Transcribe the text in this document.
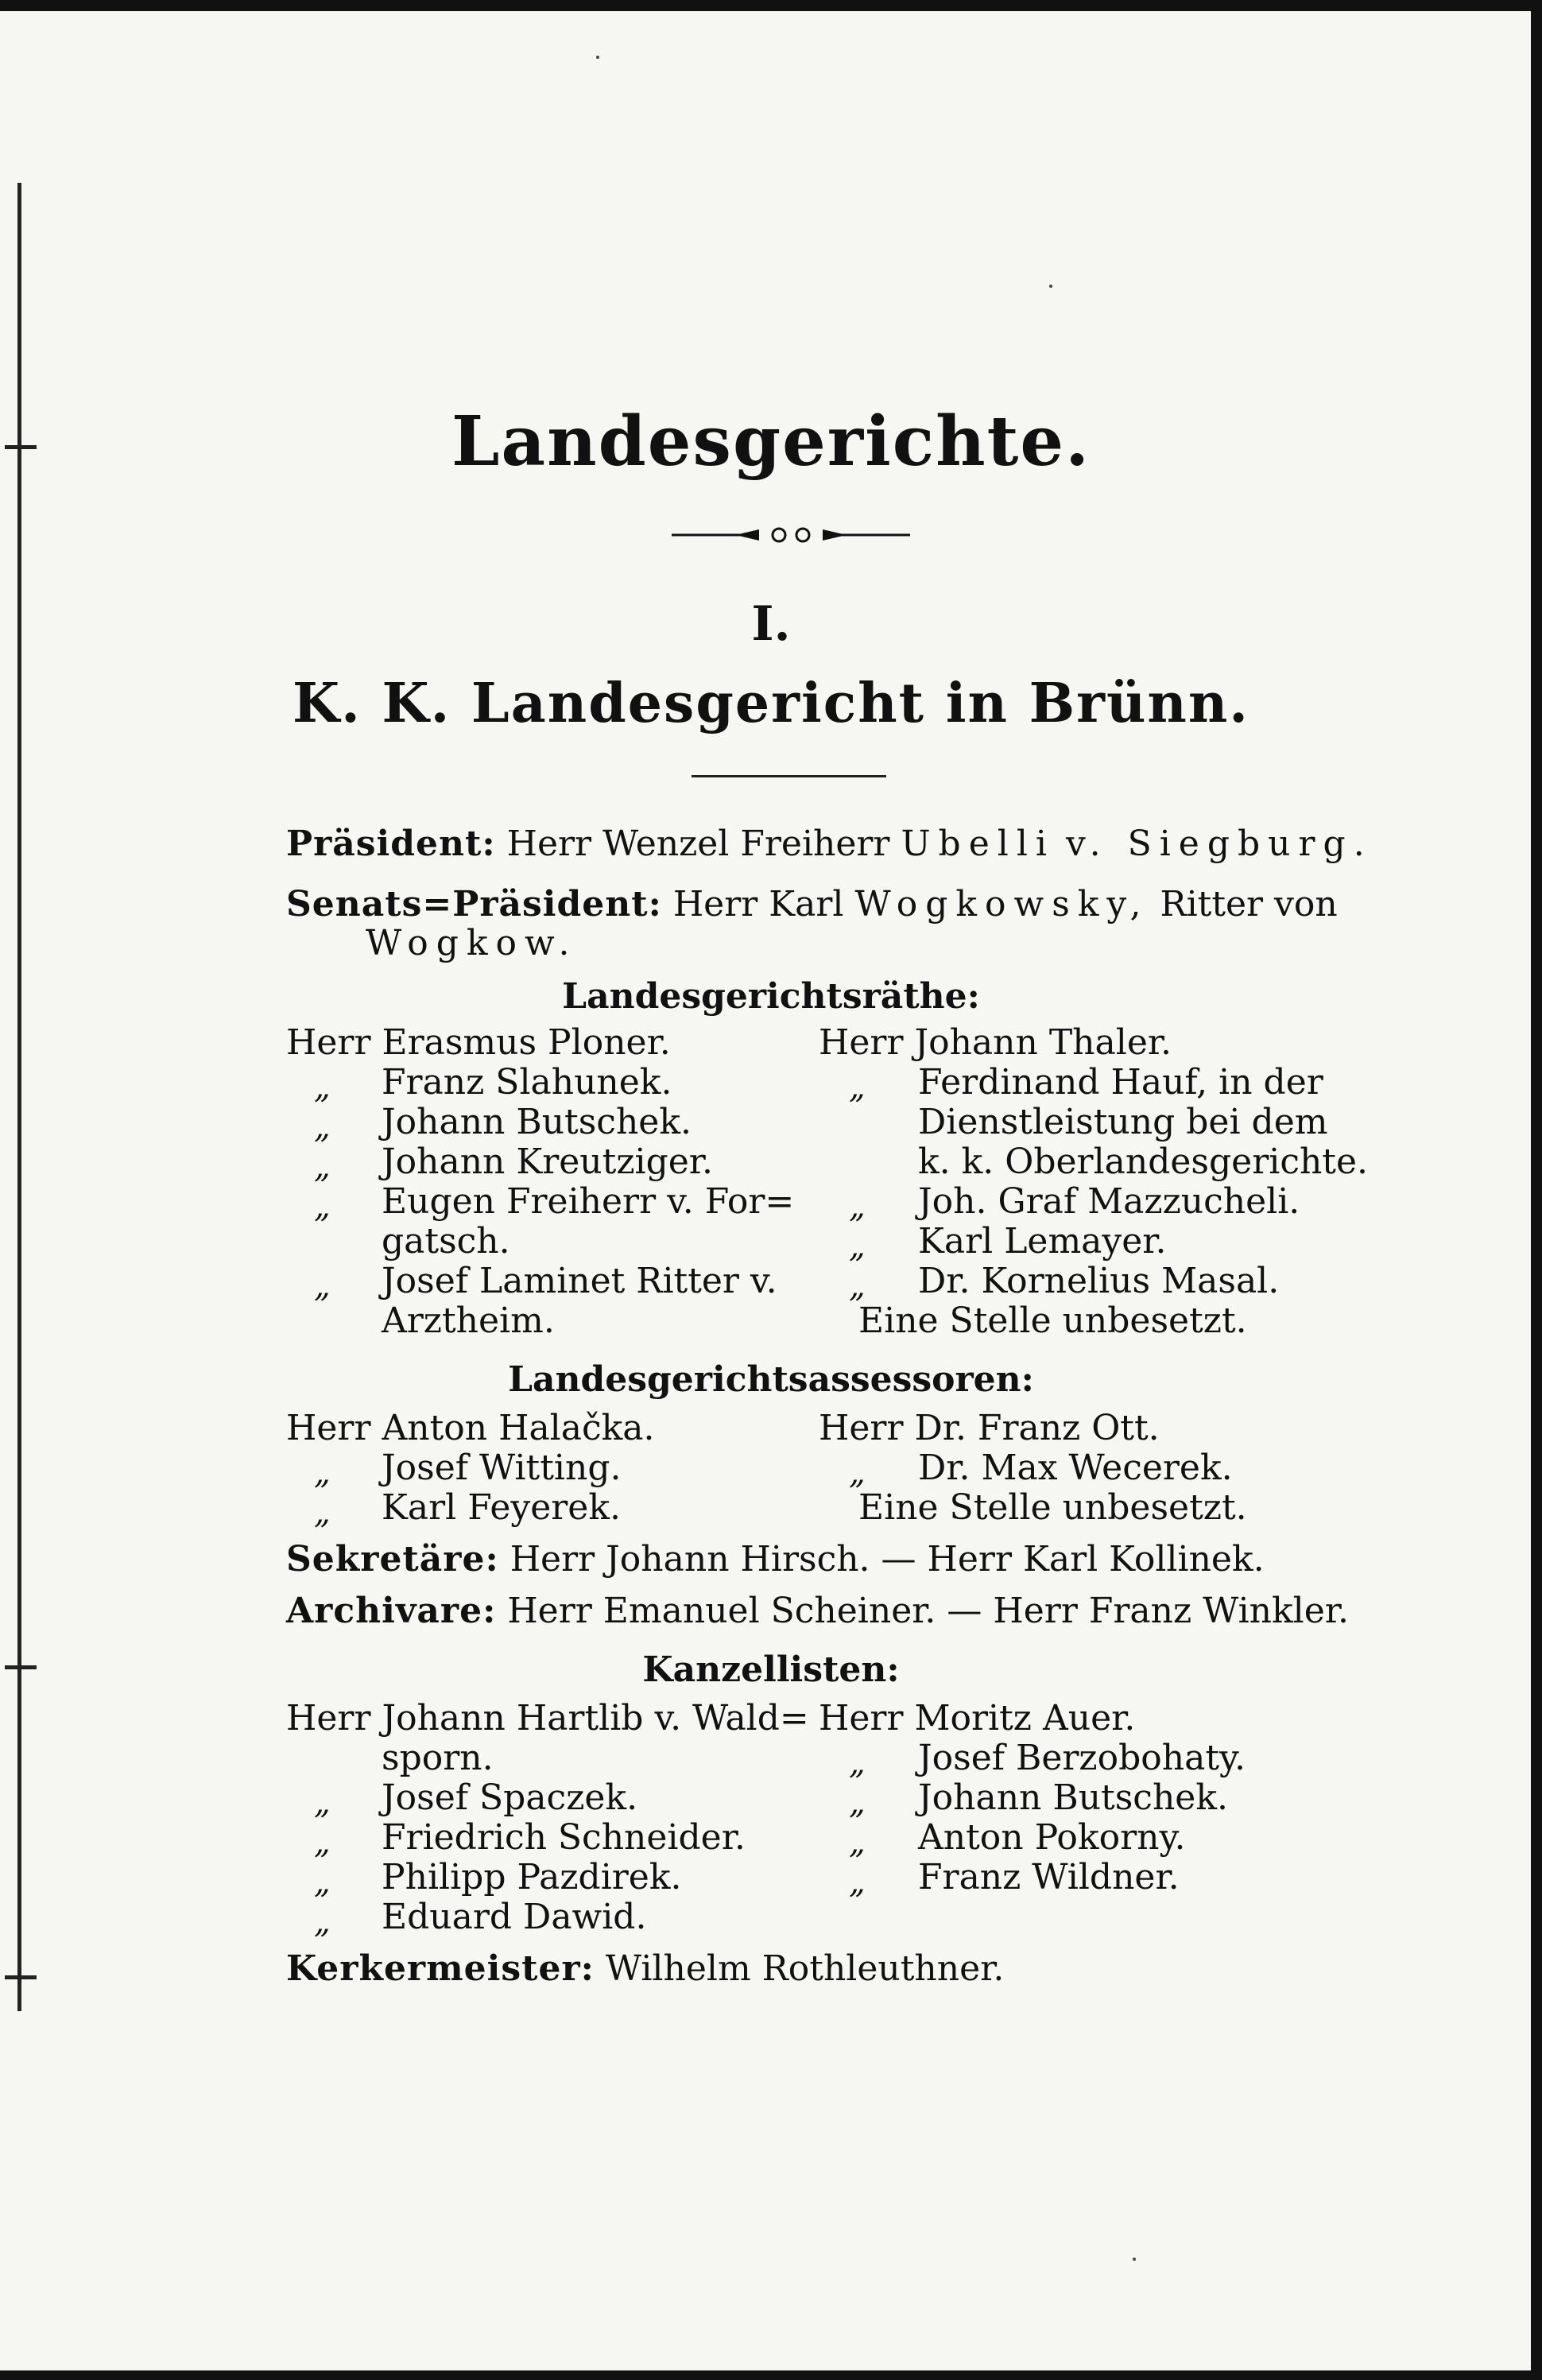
Landesgerichte.
I.
K. K. Landesgericht in Brünn.
Präsident: Herr Wenzel Freiherr Ubelli v. Siegburg.
Senats=Präsident: Herr Karl Wogkowsky, Ritter von
Wogkow.
Landesgerichtsräthe:
Herr Erasmus Ploner.
„ Franz Slahunek.
„ Johann Butschek.
„ Johann Kreutziger.
„ Eugen Freiherr v. For=
gatsch.
„ Josef Laminet Ritter v.
Arztheim.
Herr Johann Thaler.
„ Ferdinand Hauf, in der
Dienstleistung bei dem
k. k. Oberlandesgerichte.
„ Joh. Graf Mazzucheli.
„ Karl Lemayer.
„ Dr. Kornelius Masal.
Eine Stelle unbesetzt.
Landesgerichtsassessoren:
Herr Anton Halačka.
„ Josef Witting.
„ Karl Feyerek.
Herr Dr. Franz Ott.
„ Dr. Max Wecerek.
Eine Stelle unbesetzt.
Sekretäre: Herr Johann Hirsch. — Herr Karl Kollinek.
Archivare: Herr Emanuel Scheiner. — Herr Franz Winkler.
Kanzellisten:
Herr Johann Hartlib v. Wald=
sporn.
„ Josef Spaczek.
„ Friedrich Schneider.
„ Philipp Pazdirek.
„ Eduard Dawid.
Herr Moritz Auer.
„ Josef Berzobohaty.
„ Johann Butschek.
„ Anton Pokorny.
„ Franz Wildner.
Kerkermeister: Wilhelm Rothleuthner.
